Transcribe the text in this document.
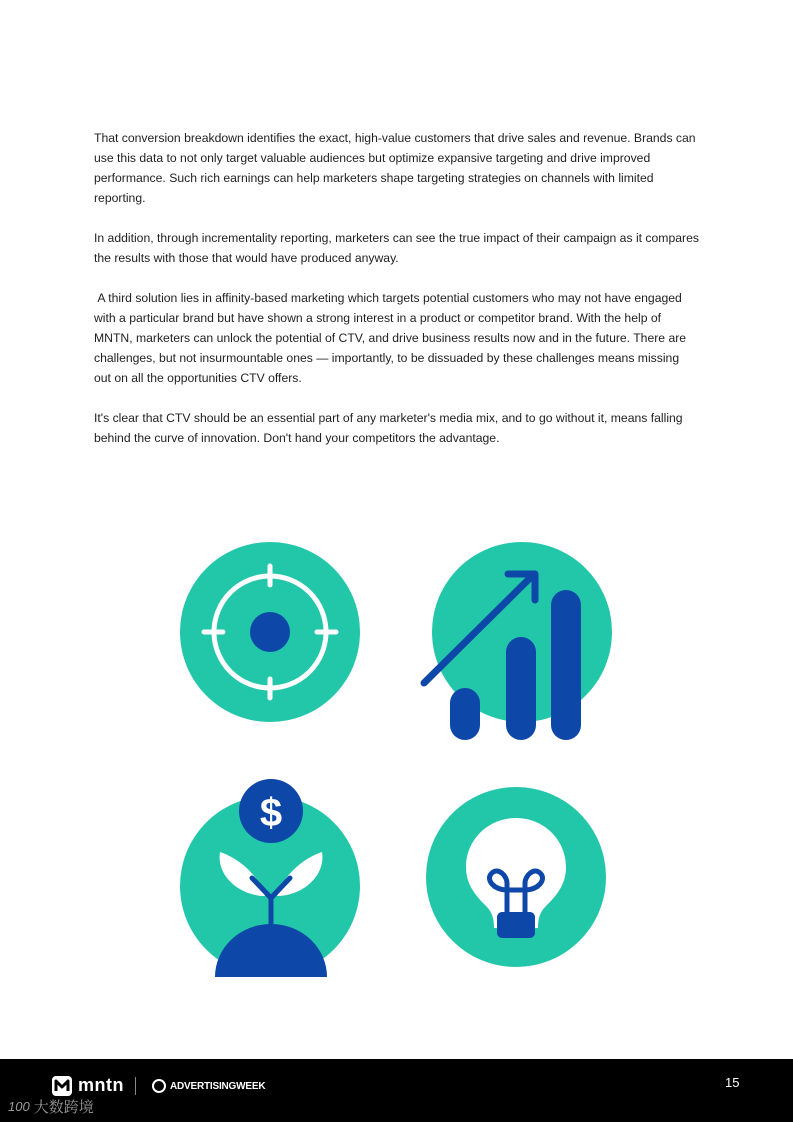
That conversion breakdown identifies the exact, high-value customers that drive sales and revenue. Brands can use this data to not only target valuable audiences but optimize expansive targeting and drive improved performance. Such rich earnings can help marketers shape targeting strategies on channels with limited reporting.

In addition, through incrementality reporting, marketers can see the true impact of their campaign as it compares the results with those that would have produced anyway.

A third solution lies in affinity-based marketing which targets potential customers who may not have engaged with a particular brand but have shown a strong interest in a product or competitor brand. With the help of MNTN, marketers can unlock the potential of CTV, and drive business results now and in the future. There are challenges, but not insurmountable ones — importantly, to be dissuaded by these challenges means missing out on all the opportunities CTV offers.

It's clear that CTV should be an essential part of any marketer's media mix, and to go without it, means falling behind the curve of innovation. Don't hand your competitors the advantage.

$
mntn	ADVERTISINGWEEK	15
100 大数跨境
